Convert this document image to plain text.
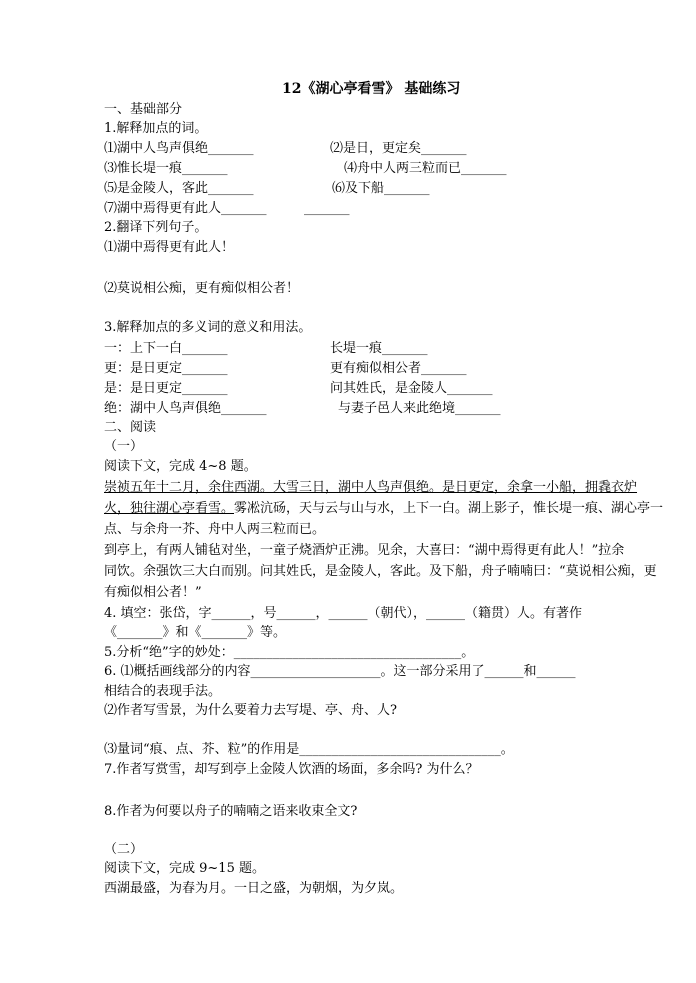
12《湖心亭看雪》 基础练习
一、基础部分
1.解释加点的词。
⑴湖中人鸟声俱绝_______	⑵是日，更定矣_______
⑶惟长堤一痕_______	⑷舟中人两三粒而已_______
⑸是金陵人，客此_______	⑹及下船_______
⑺湖中焉得更有此人_______	_______
2.翻译下列句子。
⑴湖中焉得更有此人！
⑵莫说相公痴，更有痴似相公者！
3.解释加点的多义词的意义和用法。
一：上下一白_______	长堤一痕_______
更：是日更定_______	更有痴似相公者_______
是：是日更定_______	问其姓氏，是金陵人_______
绝：湖中人鸟声俱绝_______	与妻子邑人来此绝境_______
二、阅读
（一）
阅读下文，完成 4~8 题。
崇祯五年十二月，余住西湖。大雪三日，湖中人鸟声俱绝。是日更定，余拿一小船，拥毳衣炉
火，独往湖心亭看雪。雾凇沆砀，天与云与山与水，上下一白。湖上影子，惟长堤一痕、湖心亭一
点、与余舟一芥、舟中人两三粒而已。
到亭上，有两人铺毡对坐，一童子烧酒炉正沸。见余，大喜曰：“湖中焉得更有此人！”拉余
同饮。余强饮三大白而别。问其姓氏，是金陵人，客此。及下船，舟子喃喃曰：“莫说相公痴，更
有痴似相公者！”
4. 填空：张岱，字______，号______，______（朝代），______（籍贯）人。有著作
《_______》和《_______》等。
5.分析“绝”字的妙处：___________________________________。
6. ⑴概括画线部分的内容____________________。这一部分采用了______和______
相结合的表现手法。
⑵作者写雪景，为什么要着力去写堤、亭、舟、人?
⑶量词“痕、点、芥、粒”的作用是_______________________________。
7.作者写赏雪，却写到亭上金陵人饮酒的场面，多余吗? 为什么？
8.作者为何要以舟子的喃喃之语来收束全文?
（二）
阅读下文，完成 9~15 题。
西湖最盛，为春为月。一日之盛，为朝烟，为夕岚。
